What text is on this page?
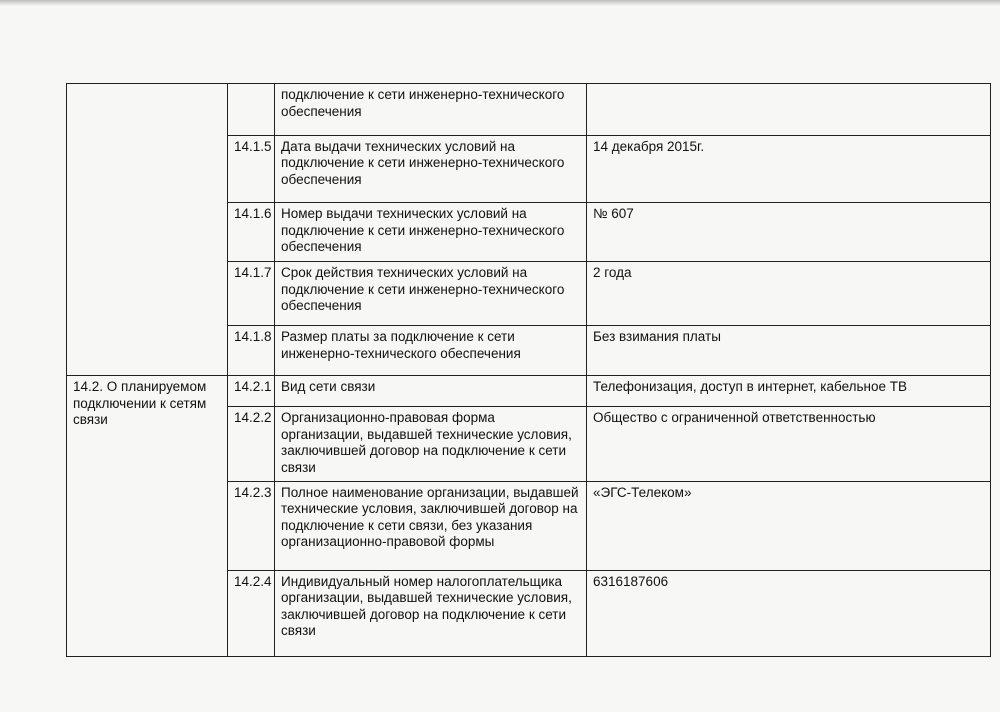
		подключение к сети инженерно-технического обеспечения	
	14.1.5	Дата выдачи технических условий на подключение к сети инженерно-технического обеспечения	14 декабря 2015г.
	14.1.6	Номер выдачи технических условий на подключение к сети инженерно-технического обеспечения	№ 607
	14.1.7	Срок действия технических условий на подключение к сети инженерно-технического обеспечения	2 года
	14.1.8	Размер платы за подключение к сети инженерно-технического обеспечения	Без взимания платы
14.2. О планируемом подключении к сетям связи	14.2.1	Вид сети связи	Телефонизация, доступ в интернет, кабельное ТВ
	14.2.2	Организационно-правовая форма организации, выдавшей технические условия, заключившей договор на подключение к сети связи	Общество с ограниченной ответственностью
	14.2.3	Полное наименование организации, выдавшей технические условия, заключившей договор на подключение к сети связи, без указания организационно-правовой формы	«ЭГС-Телеком»
	14.2.4	Индивидуальный номер налогоплательщика организации, выдавшей технические условия, заключившей договор на подключение к сети связи	6316187606
